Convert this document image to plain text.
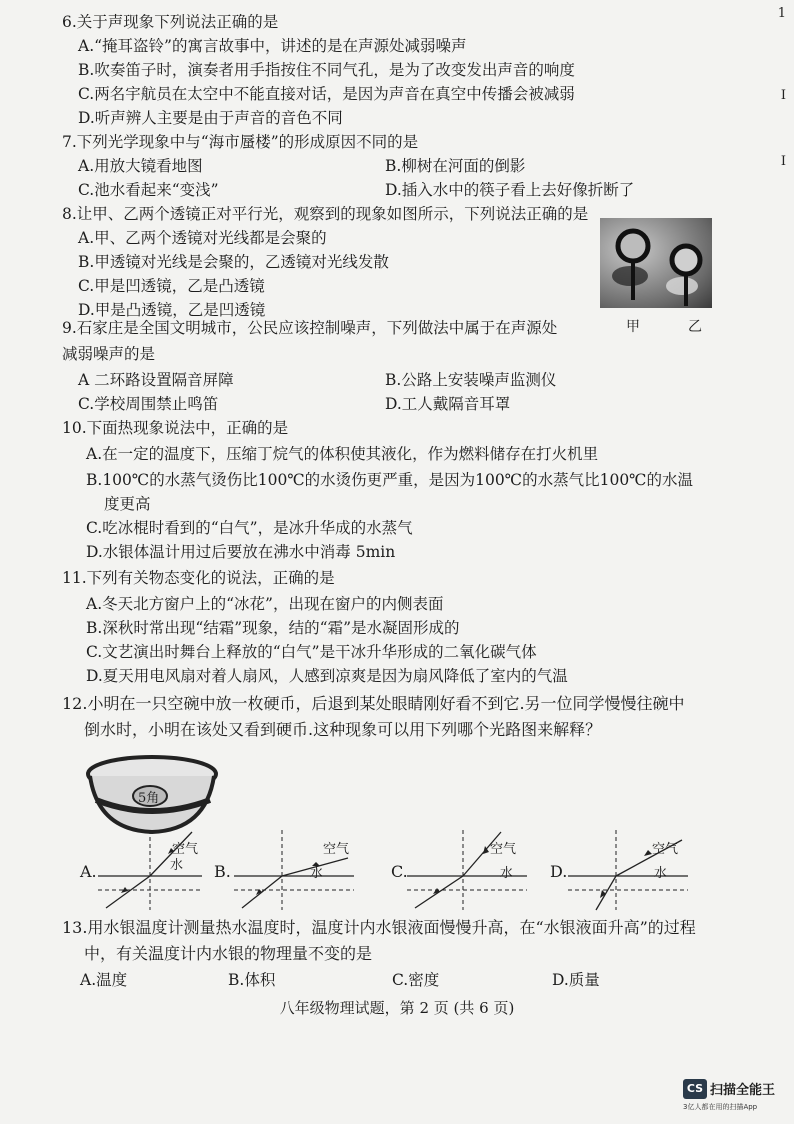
1
I
I
6.关于声现象下列说法正确的是
A.“掩耳盗铃”的寓言故事中，讲述的是在声源处减弱噪声
B.吹奏笛子时，演奏者用手指按住不同气孔，是为了改变发出声音的响度
C.两名宇航员在太空中不能直接对话，是因为声音在真空中传播会被减弱
D.听声辨人主要是由于声音的音色不同
7.下列光学现象中与“海市蜃楼”的形成原因不同的是
A.用放大镜看地图	B.柳树在河面的倒影
C.池水看起来“变浅”	D.插入水中的筷子看上去好像折断了
8.让甲、乙两个透镜正对平行光，观察到的现象如图所示，下列说法正确的是
A.甲、乙两个透镜对光线都是会聚的
B.甲透镜对光线是会聚的，乙透镜对光线发散
C.甲是凹透镜，乙是凸透镜
D.甲是凸透镜，乙是凹透镜
甲	乙
9.石家庄是全国文明城市，公民应该控制噪声，下列做法中属于在声源处
减弱噪声的是
A 二环路设置隔音屏障	B.公路上安装噪声监测仪
C.学校周围禁止鸣笛	D.工人戴隔音耳罩
10.下面热现象说法中，正确的是
A.在一定的温度下，压缩丁烷气的体积使其液化，作为燃料储存在打火机里
B.100℃的水蒸气烫伤比100℃的水烫伤更严重，是因为100℃的水蒸气比100℃的水温
度更高
C.吃冰棍时看到的“白气”，是冰升华成的水蒸气
D.水银体温计用过后要放在沸水中消毒 5min
11.下列有关物态变化的说法，正确的是
A.冬天北方窗户上的“冰花”，出现在窗户的内侧表面
B.深秋时常出现“结霜”现象，结的“霜”是水凝固形成的
C.文艺演出时舞台上释放的“白气”是干冰升华形成的二氧化碳气体
D.夏天用电风扇对着人扇风，人感到凉爽是因为扇风降低了室内的气温
12.小明在一只空碗中放一枚硬币，后退到某处眼睛刚好看不到它.另一位同学慢慢往碗中
倒水时，小明在该处又看到硬币.这种现象可以用下列哪个光路图来解释？
5角
A.	B.	C.	D.
空气
水
空气
水
空气
水
空气
水
13.用水银温度计测量热水温度时，温度计内水银液面慢慢升高，在“水银液面升高”的过程
中，有关温度计内水银的物理量不变的是
A.温度	B.体积	C.密度	D.质量
八年级物理试题，第 2 页 (共 6 页)
CS 扫描全能王
3亿人都在用的扫描App
